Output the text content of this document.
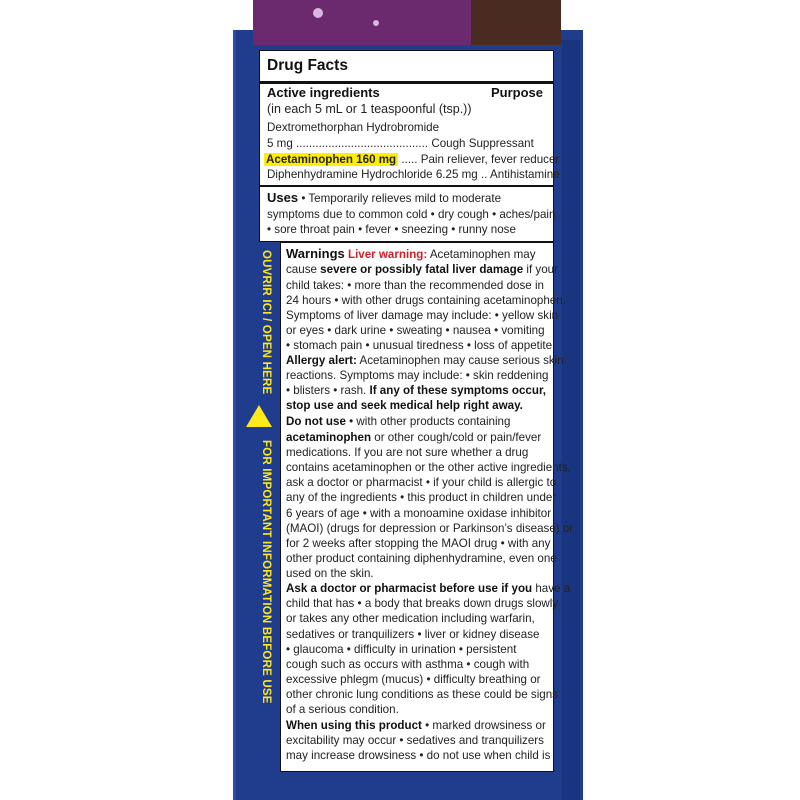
OUVRIR ICI / OPEN HERE
FOR IMPORTANT INFORMATION BEFORE USE
Drug Facts
Active ingredients	Purpose
(in each 5 mL or 1 teaspoonful (tsp.))
Dextromethorphan Hydrobromide
5 mg ......................................... Cough Suppressant
Acetaminophen 160 mg ..... Pain reliever, fever reducer
Diphenhydramine Hydrochloride 6.25 mg .. Antihistamine
Uses • Temporarily relieves mild to moderate
symptoms due to common cold • dry cough • aches/pain
• sore throat pain • fever • sneezing • runny nose
Warnings Liver warning: Acetaminophen may
cause severe or possibly fatal liver damage if your
child takes: • more than the recommended dose in
24 hours • with other drugs containing acetaminophen.
Symptoms of liver damage may include: • yellow skin
or eyes • dark urine • sweating • nausea • vomiting
• stomach pain • unusual tiredness • loss of appetite.
Allergy alert: Acetaminophen may cause serious skin
reactions. Symptoms may include: • skin reddening
• blisters • rash. If any of these symptoms occur,
stop use and seek medical help right away.
Do not use • with other products containing
acetaminophen or other cough/cold or pain/fever
medications. If you are not sure whether a drug
contains acetaminophen or the other active ingredients,
ask a doctor or pharmacist • if your child is allergic to
any of the ingredients • this product in children under
6 years of age • with a monoamine oxidase inhibitor
(MAOI) (drugs for depression or Parkinson’s disease) or
for 2 weeks after stopping the MAOI drug • with any
other product containing diphenhydramine, even one
used on the skin.
Ask a doctor or pharmacist before use if you have a
child that has • a body that breaks down drugs slowly
or takes any other medication including warfarin,
sedatives or tranquilizers • liver or kidney disease
• glaucoma • difficulty in urination • persistent
cough such as occurs with asthma • cough with
excessive phlegm (mucus) • difficulty breathing or
other chronic lung conditions as these could be signs
of a serious condition.
When using this product • marked drowsiness or
excitability may occur • sedatives and tranquilizers
may increase drowsiness • do not use when child is
